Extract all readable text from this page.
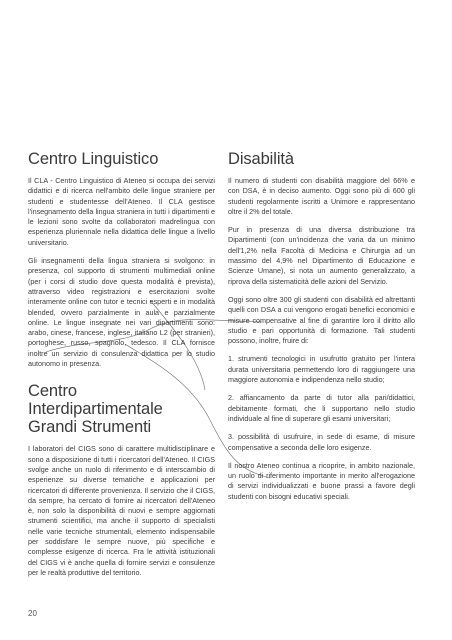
Centro Linguistico

Il CLA - Centro Linguistico di Ateneo si occupa dei servizi didattici e di ricerca nell'ambito delle lingue straniere per studenti e studentesse dell'Ateneo. Il CLA gestisce l'insegnamento della lingua straniera in tutti i dipartimenti e le lezioni sono svolte da collaboratori madrelingua con esperienza pluriennale nella didattica delle lingue a livello universitario.

Gli insegnamenti della lingua straniera si svolgono: in presenza, col supporto di strumenti multimediali online (per i corsi di studio dove questa modalità è prevista), attraverso video registrazioni e esercitazioni svolte interamente online con tutor e tecnici esperti e in modalità blended, ovvero parzialmente in aula e parzialmente online. Le lingue insegnate nei vari dipartimenti sono: arabo, cinese, francese, inglese, italiano L2 (per stranieri), portoghese, russo, spagnolo, tedesco. Il CLA fornisce inoltre un servizio di consulenza didattica per lo studio autonomo in presenza.

Centro Interdipartimentale Grandi Strumenti

I laboratori del CIGS sono di carattere multidisciplinare e sono a disposizione di tutti i ricercatori dell'Ateneo. Il CIGS svolge anche un ruolo di riferimento e di interscambio di esperienze su diverse tematiche e applicazioni per ricercatori di differente provenienza. Il servizio che il CIGS, da sempre, ha cercato di fornire ai ricercatori dell'Ateneo è, non solo la disponibilità di nuovi e sempre aggiornati strumenti scientifici, ma anche il supporto di specialisti nelle varie tecniche strumentali, elemento indispensabile per soddisfare le sempre nuove, più specifiche e complesse esigenze di ricerca. Fra le attività istituzionali del CIGS vi è anche quella di fornire servizi e consulenze per le realtà produttive del territorio.

Disabilità

Il numero di studenti con disabilità maggiore del 66% e con DSA, è in deciso aumento. Oggi sono più di 600 gli studenti regolarmente iscritti a Unimore e rappresentano oltre il 2% del totale.

Pur in presenza di una diversa distribuzione tra Dipartimenti (con un'incidenza che varia da un minimo dell'1,2% nella Facoltà di Medicina e Chirurgia ad un massimo del 4,9% nel Dipartimento di Educazione e Scienze Umane), si nota un aumento generalizzato, a riprova della sistematicità delle azioni del Servizio.

Oggi sono oltre 300 gli studenti con disabilità ed altrettanti quelli con DSA a cui vengono erogati benefici economici e misure compensative al fine di garantire loro il diritto allo studio e pari opportunità di formazione. Tali studenti possono, inoltre, fruire di:

1. strumenti tecnologici in usufrutto gratuito per l'intera durata universitaria permettendo loro di raggiungere una maggiore autonomia e indipendenza nello studio;

2. affiancamento da parte di tutor alla pari/didattici, debitamente formati, che li supportano nello studio individuale al fine di superare gli esami universitari;

3. possibilità di usufruire, in sede di esame, di misure compensative a seconda delle loro esigenze.

Il nostro Ateneo continua a ricoprire, in ambito nazionale, un ruolo di riferimento importante in merito all'erogazione di servizi individualizzati e buone prassi a favore degli studenti con bisogni educativi speciali.

20
